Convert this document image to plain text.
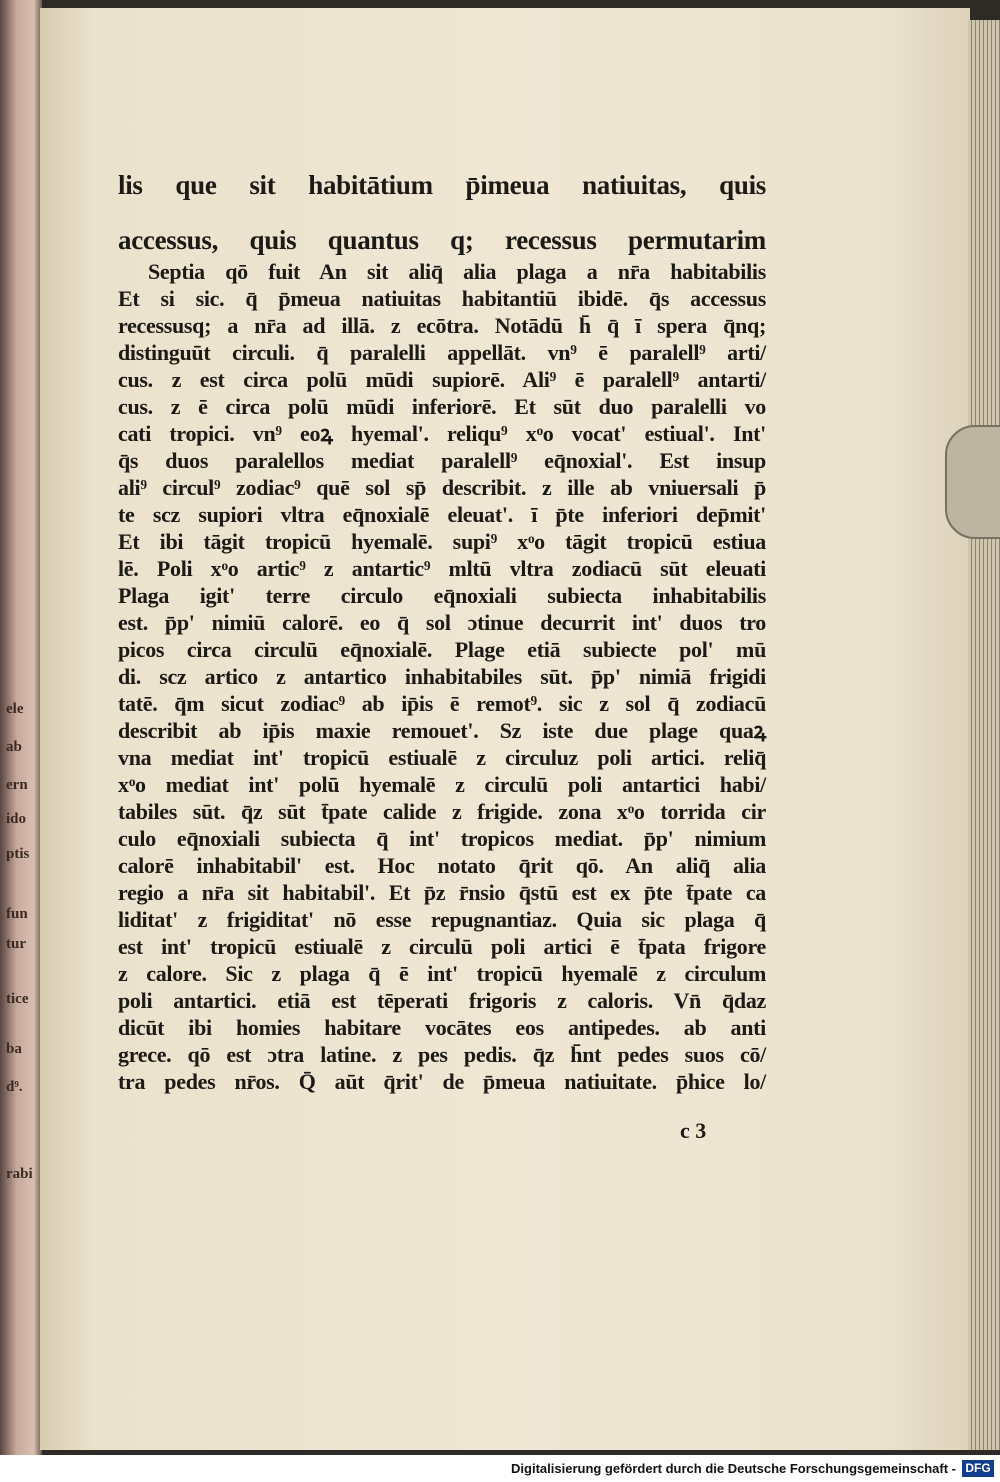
ele
ab
ern
ido
ptis
fun
tur
tice
ba
d⁹.
rabi
lis que sit habitātium p̄imeua natiuitas, quis
accessus, quis quantus q; recessus permutarim
Septia qō fuit An sit aliq̄ alia plaga a nr̄a habitabilis
Et si sic. q̄ p̄meua natiuitas habitantiū ibidē. q̄s accessus
recessusq; a nr̄a ad illā. z ecōtra. Notādū h̄ q̄ ī spera q̄nq;
distinguūt circuli. q̄ paralelli appellāt. vn⁹ ē paralell⁹ arti/
cus. z est circa polū mūdi supiorē. Ali⁹ ē paralell⁹ antarti/
cus. z ē circa polū mūdi inferiorē. Et sūt duo paralelli vo
cati tropici. vn⁹ eoꝝ hyemal'. reliqu⁹ xͦo vocat' estiual'. Int'
q̄s duos paralellos mediat paralell⁹ eq̄noxial'. Est insup
ali⁹ circul⁹ zodiac⁹ quē sol sp̄ describit. z ille ab vniuersali p̄
te scz supiori vltra eq̄noxialē eleuat'. ī p̄te inferiori dep̄mit'
Et ibi tāgit tropicū hyemalē. supi⁹ xͦo tāgit tropicū estiua
lē. Poli xͦo artic⁹ z antartic⁹ mltū vltra zodiacū sūt eleuati
Plaga igit' terre circulo eq̄noxiali subiecta inhabitabilis
est. p̄p' nimiū calorē. eo q̄ sol ɔtinue decurrit int' duos tro
picos circa circulū eq̄noxialē. Plage etiā subiecte pol' mū
di. scz artico z antartico inhabitabiles sūt. p̄p' nimiā frigidi
tatē. q̄m sicut zodiac⁹ ab ip̄is ē remot⁹. sic z sol q̄ zodiacū
describit ab ip̄is maxie remouet'. Sz iste due plage quaꝝ
vna mediat int' tropicū estiualē z circuluz poli artici. reliq̄
xͦo mediat int' polū hyemalē z circulū poli antartici habi/
tabiles sūt. q̄z sūt t̄pate calide z frigide. zona xͦo torrida cir
culo eq̄noxiali subiecta q̄ int' tropicos mediat. p̄p' nimium
calorē inhabitabil' est. Hoc notato q̄rit qō. An aliq̄ alia
regio a nr̄a sit habitabil'. Et p̄z r̄nsio q̄stū est ex p̄te t̄pate ca
liditat' z frigiditat' nō esse repugnantiaz. Quia sic plaga q̄
est int' tropicū estiualē z circulū poli artici ē t̄pata frigore
z calore. Sic z plaga q̄ ē int' tropicū hyemalē z circulum
poli antartici. etiā est tēperati frigoris z caloris. Vn̄ q̄daz
dicūt ibi homies habitare vocātes eos antipedes. ab anti
grece. qō est ɔtra latine. z pes pedis. q̄z h̄nt pedes suos cō/
tra pedes nr̄os. Q̄ aūt q̄rit' de p̄meua natiuitate. p̄hice lo/
c 3
Digitalisierung gefördert durch die Deutsche Forschungsgemeinschaft - DFG
